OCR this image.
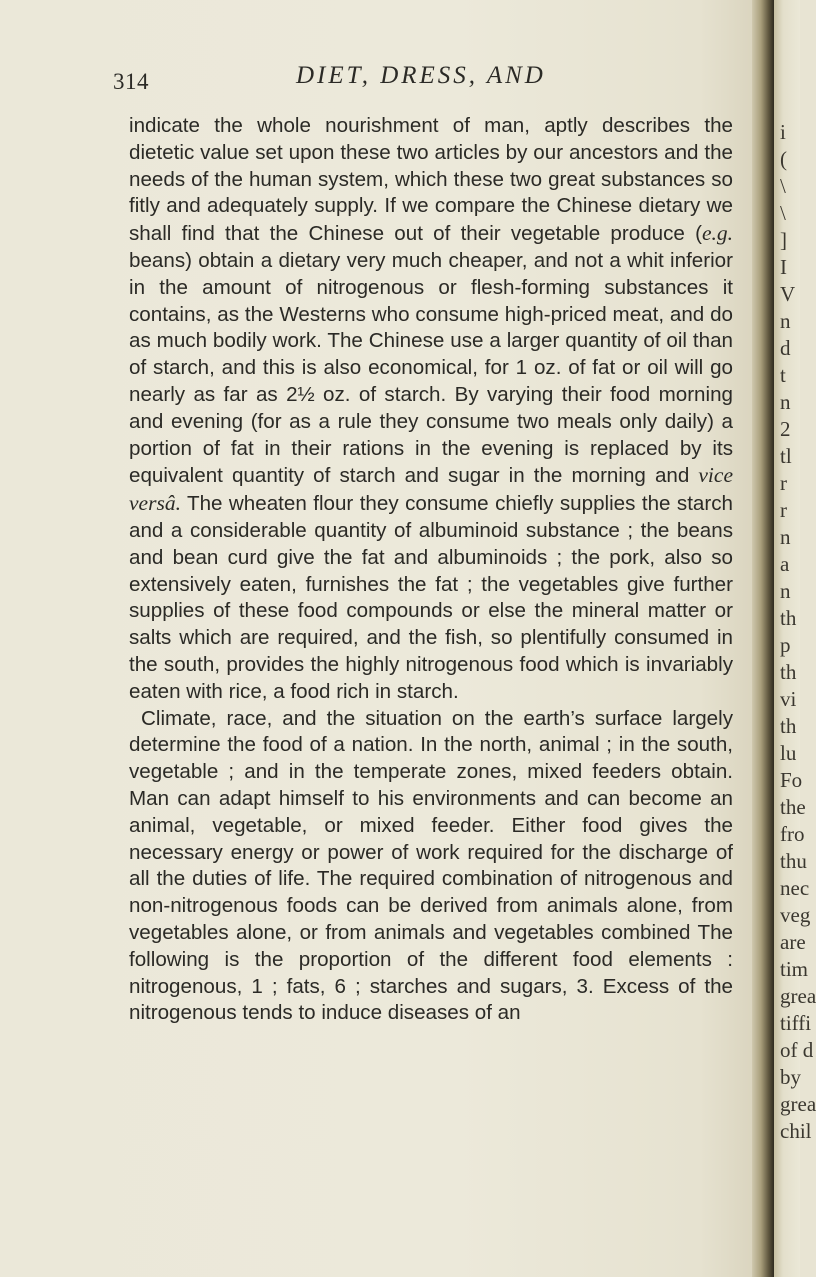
314	DIET, DRESS, AND

indicate the whole nourishment of man, aptly describes the dietetic value set upon these two articles by our ancestors and the needs of the human system, which these two great substances so fitly and adequately supply. If we compare the Chinese dietary we shall find that the Chinese out of their vegetable produce (e.g. beans) obtain a dietary very much cheaper, and not a whit inferior in the amount of nitrogenous or flesh-forming substances it contains, as the Westerns who consume high-priced meat, and do as much bodily work. The Chinese use a larger quantity of oil than of starch, and this is also economical, for 1 oz. of fat or oil will go nearly as far as 2½ oz. of starch. By varying their food morning and evening (for as a rule they consume two meals only daily) a portion of fat in their rations in the evening is replaced by its equivalent quantity of starch and sugar in the morning and vice versâ. The wheaten flour they consume chiefly supplies the starch and a considerable quantity of albuminoid substance ; the beans and bean curd give the fat and albuminoids ; the pork, also so extensively eaten, furnishes the fat ; the vegetables give further supplies of these food compounds or else the mineral matter or salts which are required, and the fish, so plentifully consumed in the south, provides the highly nitrogenous food which is invariably eaten with rice, a food rich in starch.

Climate, race, and the situation on the earth’s surface largely determine the food of a nation. In the north, animal ; in the south, vegetable ; and in the temperate zones, mixed feeders obtain. Man can adapt himself to his environments and can become an animal, vegetable, or mixed feeder. Either food gives the necessary energy or power of work required for the discharge of all the duties of life. The required combination of nitrogenous and non-nitrogenous foods can be derived from animals alone, from vegetables alone, or from animals and vegetables combined The following is the proportion of the different food elements : nitrogenous, 1 ; fats, 6 ; starches and sugars, 3. Excess of the nitrogenous tends to induce diseases of an

i
(
\
\
]
I
V
n
d
t
n
2
tl
r
r
n
a
n
th
p
th
vi
th
lu
Fo
the
fro
thu
nec
veg
are
tim
grea
tiffi
of d
by
grea
chil
